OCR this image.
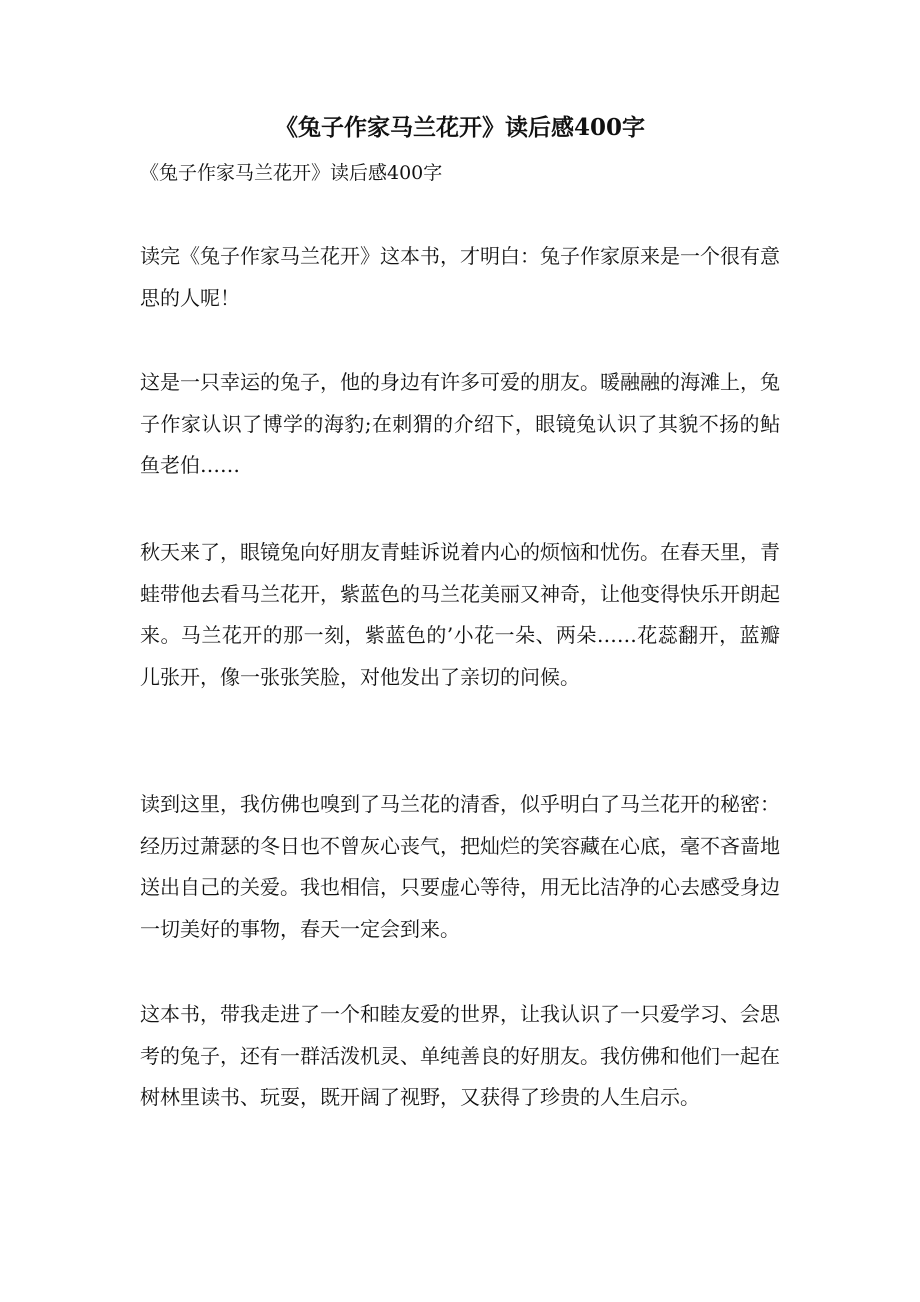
《兔子作家马兰花开》读后感400字

《兔子作家马兰花开》读后感400字

读完《兔子作家马兰花开》这本书，才明白：兔子作家原来是一个很有意思的人呢！

这是一只幸运的兔子，他的身边有许多可爱的朋友。暖融融的海滩上，兔子作家认识了博学的海豹;在刺猬的介绍下，眼镜兔认识了其貌不扬的鲇鱼老伯……

秋天来了，眼镜兔向好朋友青蛙诉说着内心的烦恼和忧伤。在春天里，青蛙带他去看马兰花开，紫蓝色的马兰花美丽又神奇，让他变得快乐开朗起来。马兰花开的那一刻，紫蓝色的’小花一朵、两朵……花蕊翻开，蓝瓣儿张开，像一张张笑脸，对他发出了亲切的问候。

读到这里，我仿佛也嗅到了马兰花的清香，似乎明白了马兰花开的秘密：经历过萧瑟的冬日也不曾灰心丧气，把灿烂的笑容藏在心底，毫不吝啬地送出自己的关爱。我也相信，只要虚心等待，用无比洁净的心去感受身边一切美好的事物，春天一定会到来。

这本书，带我走进了一个和睦友爱的世界，让我认识了一只爱学习、会思考的兔子，还有一群活泼机灵、单纯善良的好朋友。我仿佛和他们一起在树林里读书、玩耍，既开阔了视野，又获得了珍贵的人生启示。
